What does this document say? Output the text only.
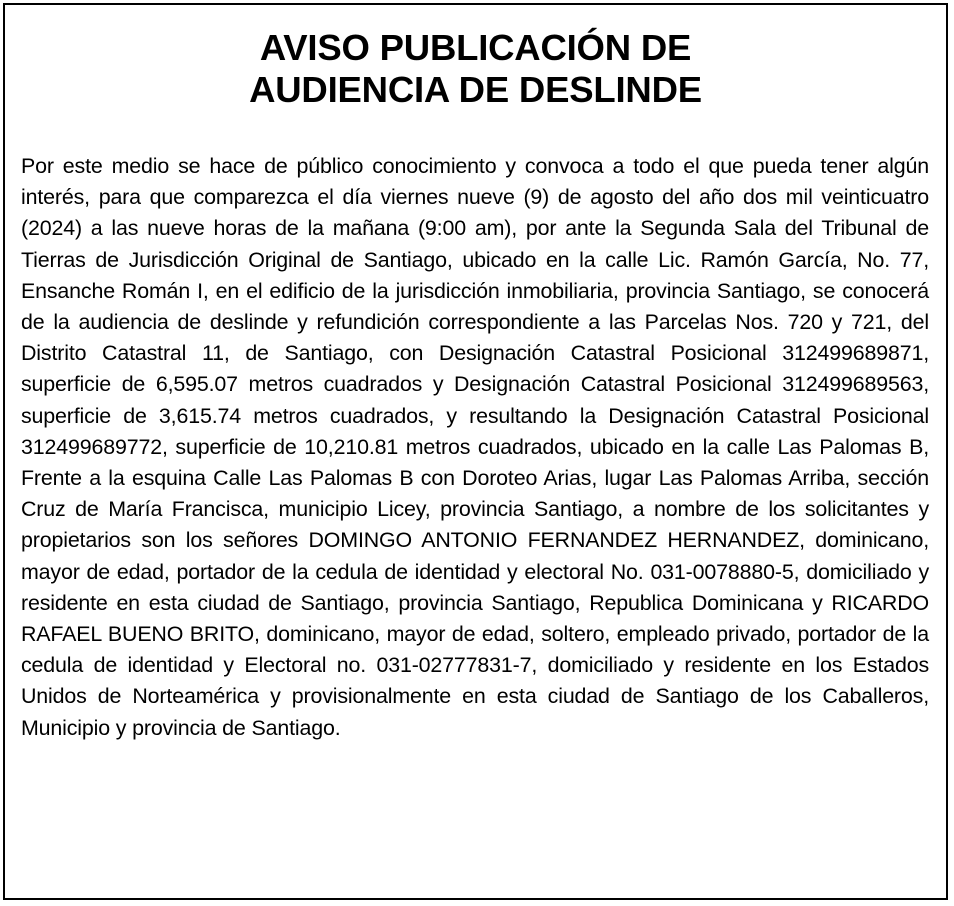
AVISO PUBLICACIÓN DE
AUDIENCIA DE DESLINDE

Por este medio se hace de público conocimiento y convoca a todo el que pueda tener algún interés, para que comparezca el día viernes nueve (9) de agosto del año dos mil veinticuatro (2024) a las nueve horas de la mañana (9:00 am), por ante la Segunda Sala del Tribunal de Tierras de Jurisdicción Original de Santiago, ubicado en la calle Lic. Ramón García, No. 77, Ensanche Román I, en el edificio de la jurisdicción inmobiliaria, provincia Santiago, se conocerá de la audiencia de deslinde y refundición correspondiente a las Parcelas Nos. 720 y 721, del Distrito Catastral 11, de Santiago, con Designación Catastral Posicional 312499689871, superficie de 6,595.07 metros cuadrados y Designación Catastral Posicional 312499689563, superficie de 3,615.74 metros cuadrados, y resultando la Designación Catastral Posicional 312499689772, superficie de 10,210.81 metros cuadrados, ubicado en la calle Las Palomas B, Frente a la esquina Calle Las Palomas B con Doroteo Arias, lugar Las Palomas Arriba, sección Cruz de María Francisca, municipio Licey, provincia Santiago, a nombre de los solicitantes y propietarios son los señores DOMINGO ANTONIO FERNANDEZ HERNANDEZ, dominicano, mayor de edad, portador de la cedula de identidad y electoral No. 031-0078880-5, domiciliado y residente en esta ciudad de Santiago, provincia Santiago, Republica Dominicana y RICARDO RAFAEL BUENO BRITO, dominicano, mayor de edad, soltero, empleado privado, portador de la cedula de identidad y Electoral no. 031-02777831-7, domiciliado y residente en los Estados Unidos de Norteamérica y provisionalmente en esta ciudad de Santiago de los Caballeros, Municipio y provincia de Santiago.
